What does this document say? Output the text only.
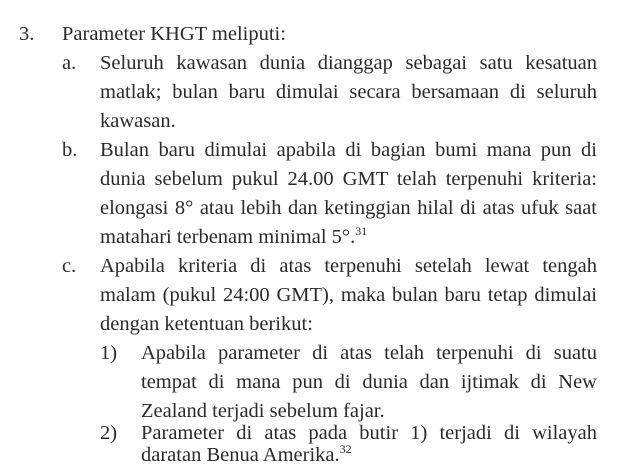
3. Parameter KHGT meliputi:
a. Seluruh kawasan dunia dianggap sebagai satu kesatuan
matlak; bulan baru dimulai secara bersamaan di seluruh
kawasan.
b. Bulan baru dimulai apabila di bagian bumi mana pun di
dunia sebelum pukul 24.00 GMT telah terpenuhi kriteria:
elongasi 8° atau lebih dan ketinggian hilal di atas ufuk saat
matahari terbenam minimal 5°.$^{31}$
c. Apabila kriteria di atas terpenuhi setelah lewat tengah
malam (pukul 24:00 GMT), maka bulan baru tetap dimulai
dengan ketentuan berikut:
1) Apabila parameter di atas telah terpenuhi di suatu
tempat di mana pun di dunia dan ijtimak di New
Zealand terjadi sebelum fajar.
2) Parameter di atas pada butir 1) terjadi di wilayah
daratan Benua Amerika.$^{32}$
